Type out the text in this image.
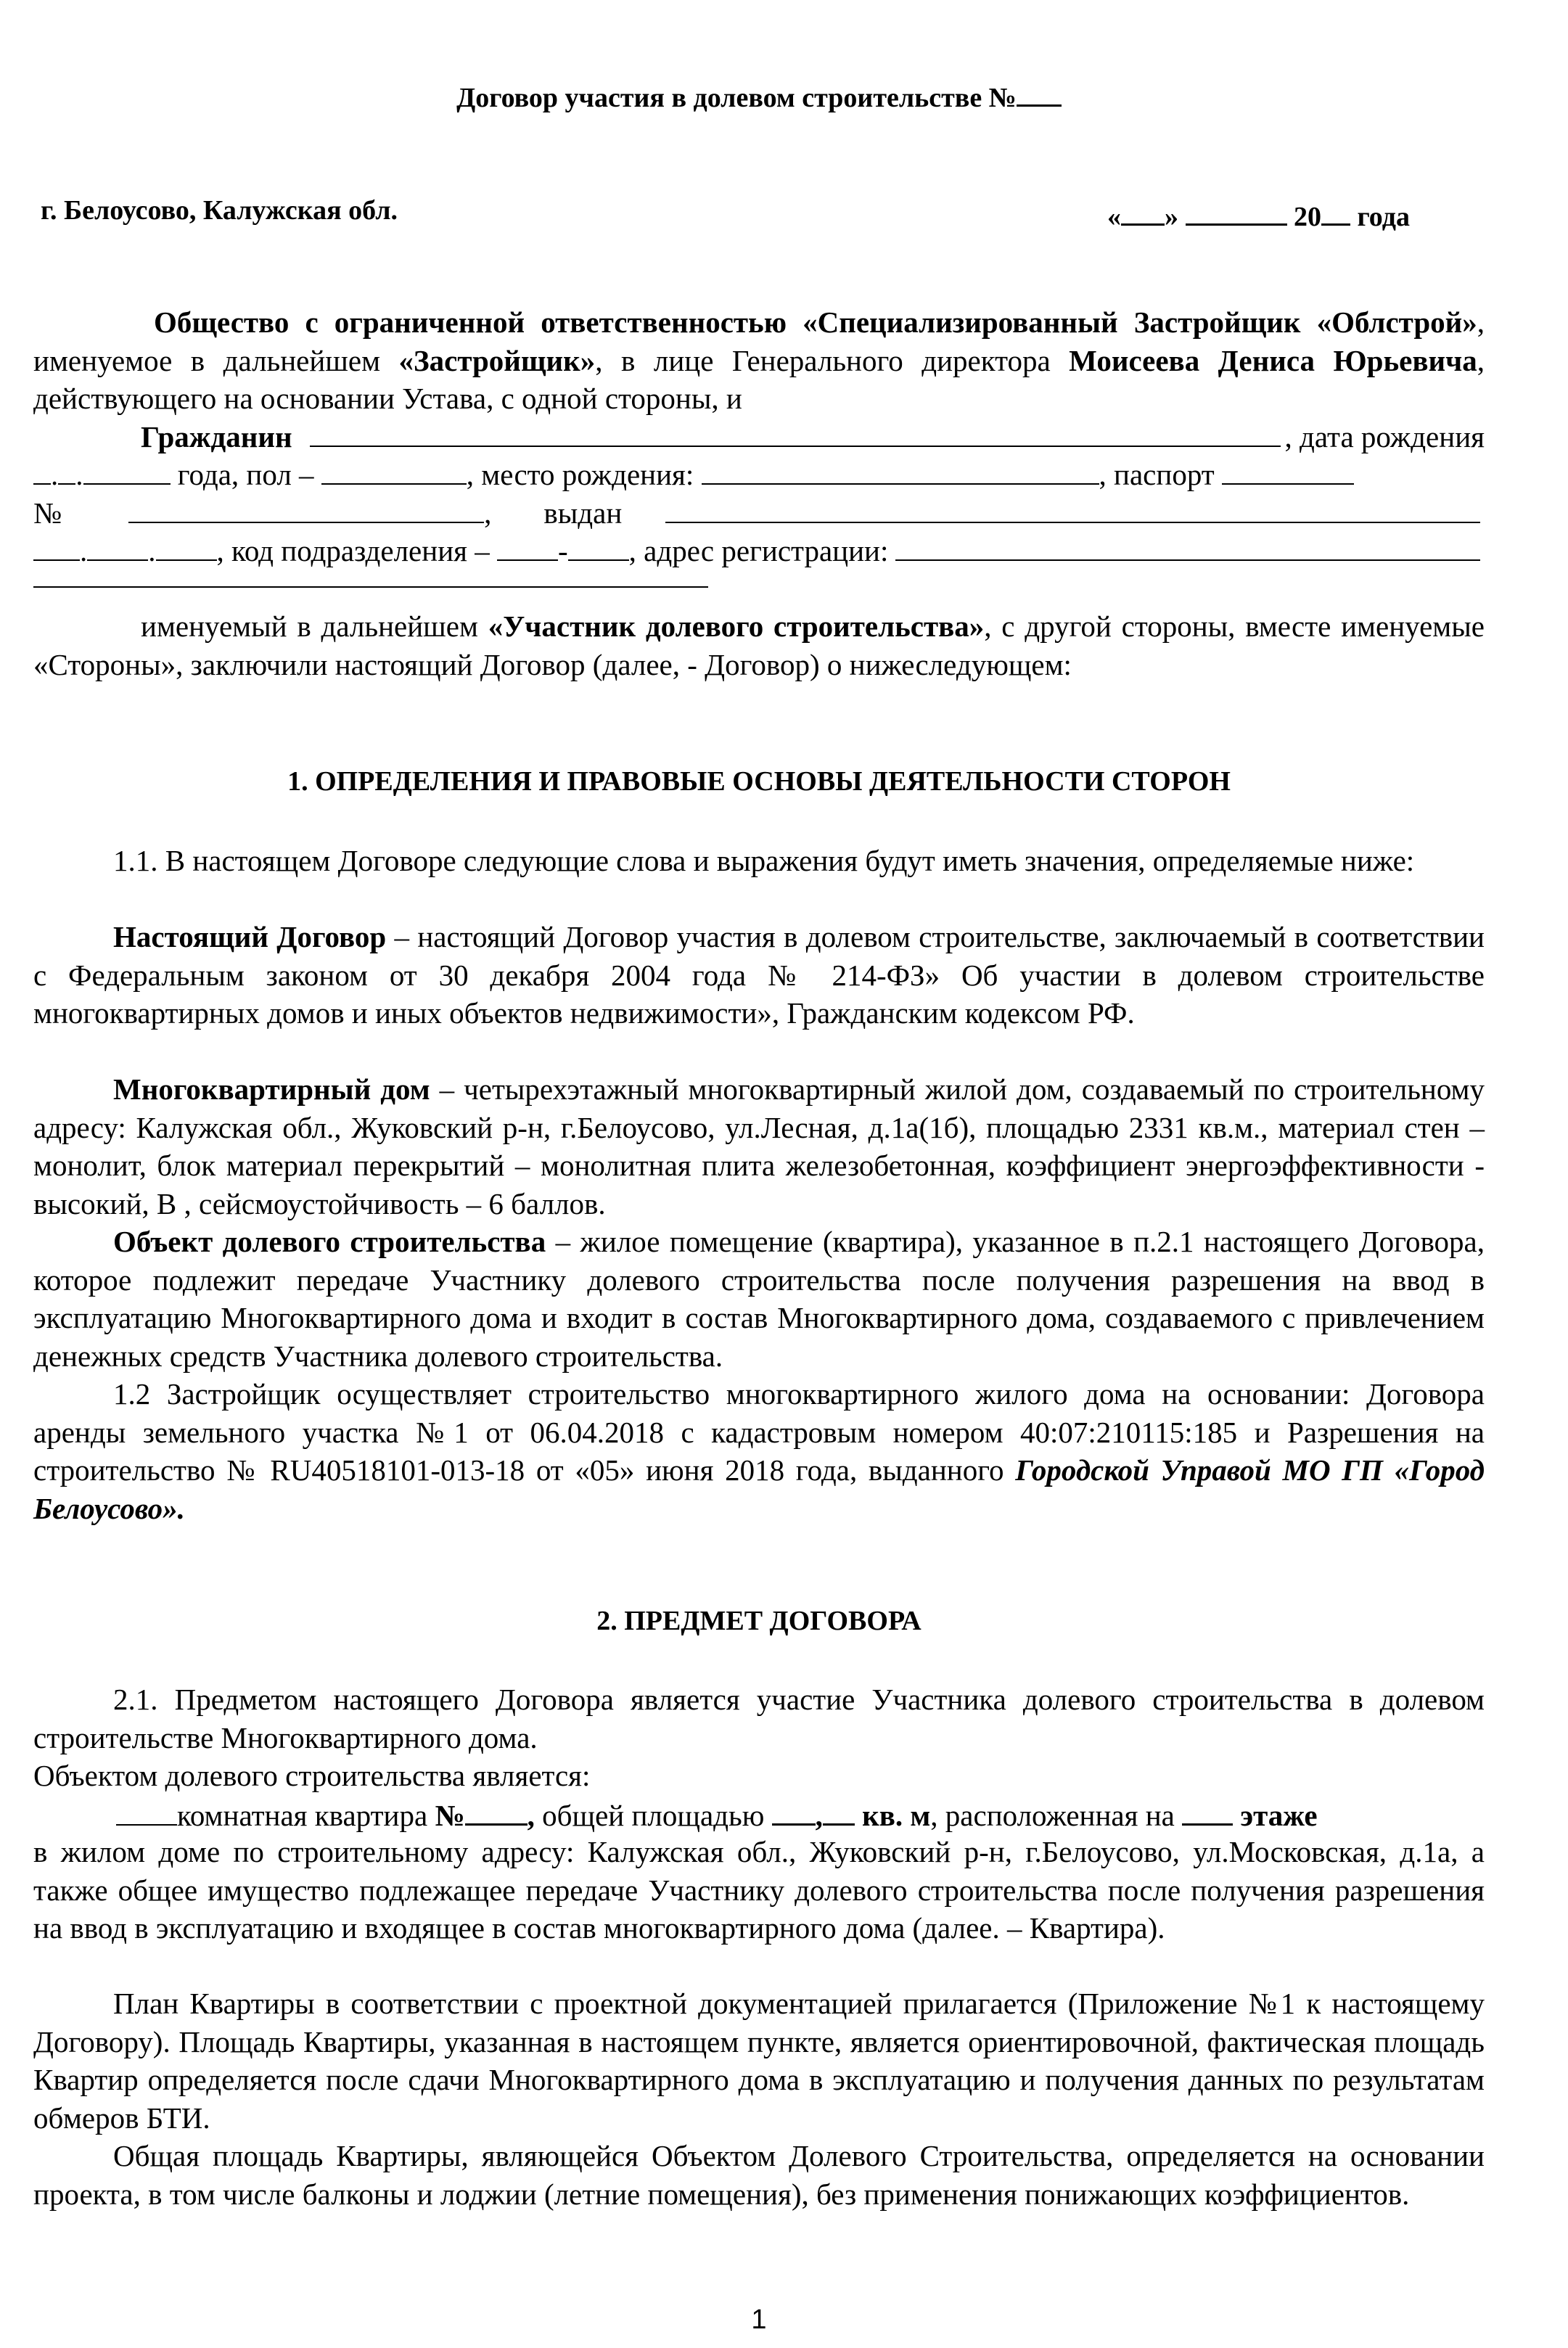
Договор участия в долевом строительстве №
г. Белоусово, Калужская обл.	« »	20 года
Общество с ограниченной ответственностью «Специализированный Застройщик «Облстрой», именуемое в дальнейшем «Застройщик», в лице Генерального директора Моисеева Дениса Юрьевича, действующего на основании Устава, с одной стороны, и
Гражданин	, дата рождения
. .	года, пол –	, место рождения:	, паспорт
№	, выдан
. . , код подразделения –
- , адрес регистрации:
именуемый в дальнейшем «Участник долевого строительства», с другой стороны, вместе именуемые «Стороны», заключили настоящий Договор (далее, - Договор) о нижеследующем:
1. ОПРЕДЕЛЕНИЯ И ПРАВОВЫЕ ОСНОВЫ ДЕЯТЕЛЬНОСТИ СТОРОН
1.1. В настоящем Договоре следующие слова и выражения будут иметь значения, определяемые ниже:
Настоящий Договор – настоящий Договор участия в долевом строительстве, заключаемый в соответствии с Федеральным законом от 30 декабря 2004 года № 214-ФЗ» Об участии в долевом строительстве многоквартирных домов и иных объектов недвижимости», Гражданским кодексом РФ.
Многоквартирный дом – четырехэтажный многоквартирный жилой дом, создаваемый по строительному адресу: Калужская обл., Жуковский р-н, г.Белоусово, ул.Лесная, д.1а(1б), площадью 2331 кв.м., материал стен – монолит, блок материал перекрытий – монолитная плита железобетонная, коэффициент энергоэффективности - высокий, В , сейсмоустойчивость – 6 баллов.
Объект долевого строительства – жилое помещение (квартира), указанное в п.2.1 настоящего Договора, которое подлежит передаче Участнику долевого строительства после получения разрешения на ввод в эксплуатацию Многоквартирного дома и входит в состав Многоквартирного дома, создаваемого с привлечением денежных средств Участника долевого строительства.
1.2 Застройщик осуществляет строительство многоквартирного жилого дома на основании: Договора аренды земельного участка №1 от 06.04.2018 с кадастровым номером 40:07:210115:185 и Разрешения на строительство № RU40518101-013-18 от «05» июня 2018 года, выданного Городской Управой МО ГП «Город Белоусово».
2. ПРЕДМЕТ ДОГОВОРА
2.1. Предметом настоящего Договора является участие Участника долевого строительства в долевом строительстве Многоквартирного дома.
Объектом долевого строительства является:
комнатная квартира № , общей площадью , кв. м, расположенная на  этаже
в жилом доме по строительному адресу: Калужская обл., Жуковский р-н, г.Белоусово, ул.Московская, д.1а, а также общее имущество подлежащее передаче Участнику долевого строительства после получения разрешения на ввод в эксплуатацию и входящее в состав многоквартирного дома (далее. – Квартира).
План Квартиры в соответствии с проектной документацией прилагается (Приложение №1 к настоящему Договору). Площадь Квартиры, указанная в настоящем пункте, является ориентировочной, фактическая площадь Квартир определяется после сдачи Многоквартирного дома в эксплуатацию и получения данных по результатам обмеров БТИ.
Общая площадь Квартиры, являющейся Объектом Долевого Строительства, определяется на основании проекта, в том числе балконы и лоджии (летние помещения), без применения понижающих коэффициентов.
1
